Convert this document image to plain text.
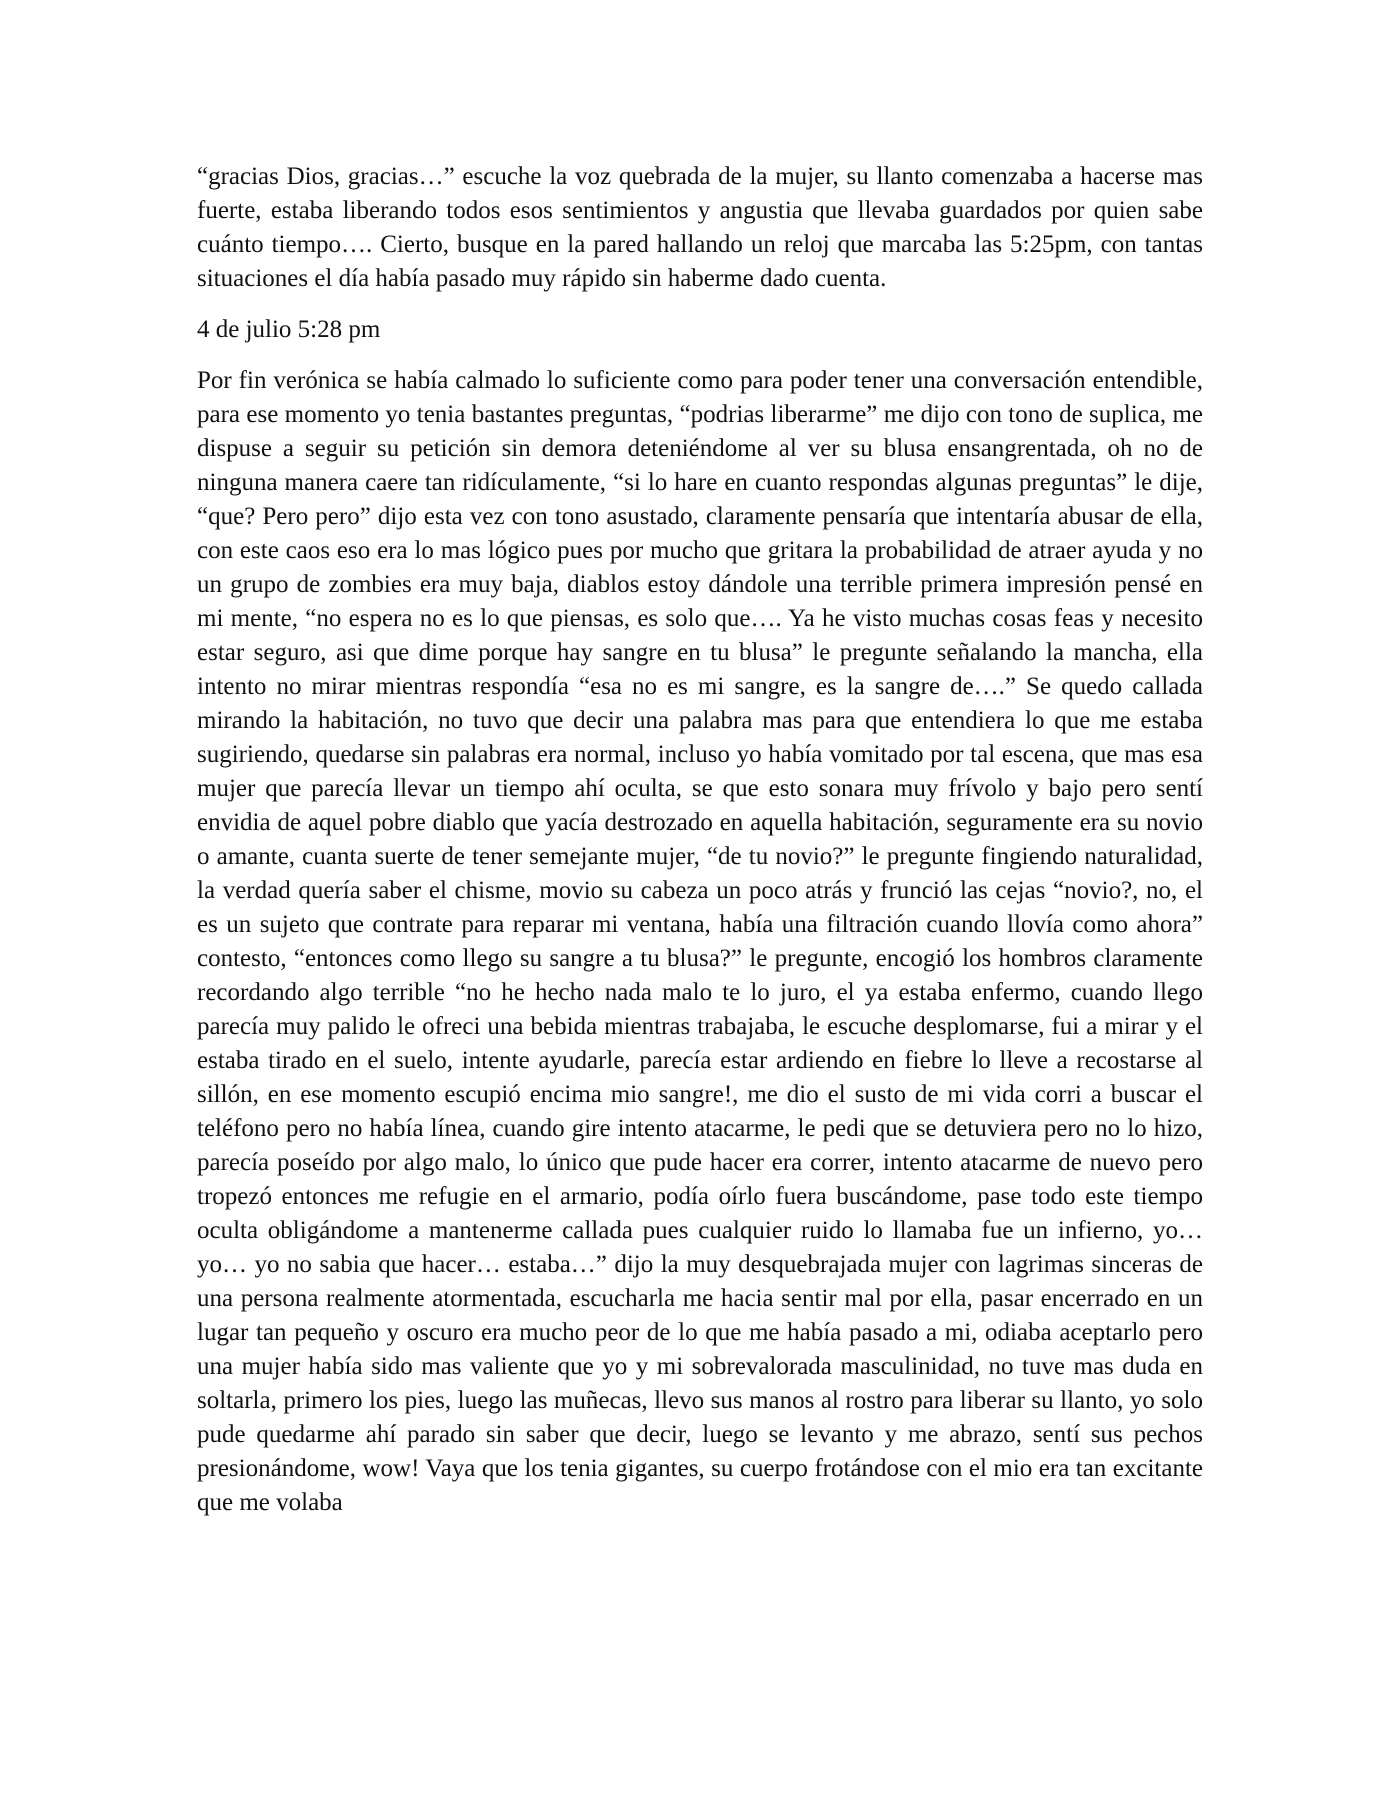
“gracias Dios, gracias…” escuche la voz quebrada de la mujer, su llanto comenzaba a hacerse mas fuerte, estaba liberando todos esos sentimientos y angustia que llevaba guardados por quien sabe cuánto tiempo…. Cierto, busque en la pared hallando un reloj que marcaba las 5:25pm, con tantas situaciones el día había pasado muy rápido sin haberme dado cuenta.

4 de julio 5:28 pm

Por fin verónica se había calmado lo suficiente como para poder tener una conversación entendible, para ese momento yo tenia bastantes preguntas, “podrias liberarme” me dijo con tono de suplica, me dispuse a seguir su petición sin demora deteniéndome al ver su blusa ensangrentada, oh no de ninguna manera caere tan ridículamente, “si lo hare en cuanto respondas algunas preguntas” le dije, “que? Pero pero” dijo esta vez con tono asustado, claramente pensaría que intentaría abusar de ella, con este caos eso era lo mas lógico pues por mucho que gritara la probabilidad de atraer ayuda y no un grupo de zombies era muy baja, diablos estoy dándole una terrible primera impresión pensé en mi mente, “no espera no es lo que piensas, es solo que…. Ya he visto muchas cosas feas y necesito estar seguro, asi que dime porque hay sangre en tu blusa” le pregunte señalando la mancha, ella intento no mirar mientras respondía “esa no es mi sangre, es la sangre de….” Se quedo callada mirando la habitación, no tuvo que decir una palabra mas para que entendiera lo que me estaba sugiriendo, quedarse sin palabras era normal, incluso yo había vomitado por tal escena, que mas esa mujer que parecía llevar un tiempo ahí oculta, se que esto sonara muy frívolo y bajo pero sentí envidia de aquel pobre diablo que yacía destrozado en aquella habitación, seguramente era su novio o amante, cuanta suerte de tener semejante mujer, “de tu novio?” le pregunte fingiendo naturalidad, la verdad quería saber el chisme, movio su cabeza un poco atrás y frunció las cejas “novio?, no, el es un sujeto que contrate para reparar mi ventana, había una filtración cuando llovía como ahora” contesto, “entonces como llego su sangre a tu blusa?” le pregunte, encogió los hombros claramente recordando algo terrible “no he hecho nada malo te lo juro, el ya estaba enfermo, cuando llego parecía muy palido le ofreci una bebida mientras trabajaba, le escuche desplomarse, fui a mirar y el estaba tirado en el suelo, intente ayudarle, parecía estar ardiendo en fiebre lo lleve a recostarse al sillón, en ese momento escupió encima mio sangre!, me dio el susto de mi vida corri a buscar el teléfono pero no había línea, cuando gire intento atacarme, le pedi que se detuviera pero no lo hizo, parecía poseído por algo malo, lo único que pude hacer era correr, intento atacarme de nuevo pero tropezó entonces me refugie en el armario, podía oírlo fuera buscándome, pase todo este tiempo oculta obligándome a mantenerme callada pues cualquier ruido lo llamaba fue un infierno, yo… yo… yo no sabia que hacer… estaba…” dijo la muy desquebrajada mujer con lagrimas sinceras de una persona realmente atormentada, escucharla me hacia sentir mal por ella, pasar encerrado en un lugar tan pequeño y oscuro era mucho peor de lo que me había pasado a mi, odiaba aceptarlo pero una mujer había sido mas valiente que yo y mi sobrevalorada masculinidad, no tuve mas duda en soltarla, primero los pies, luego las muñecas, llevo sus manos al rostro para liberar su llanto, yo solo pude quedarme ahí parado sin saber que decir, luego se levanto y me abrazo, sentí sus pechos presionándome, wow! Vaya que los tenia gigantes, su cuerpo frotándose con el mio era tan excitante que me volaba
